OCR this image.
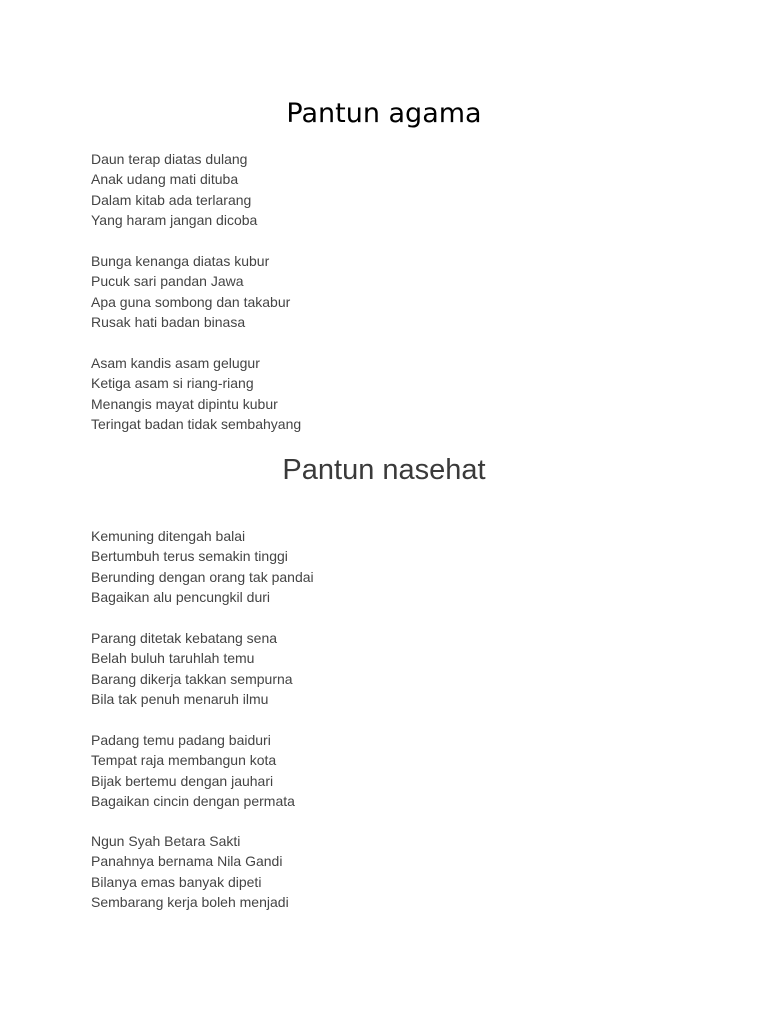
Pantun agama
Daun terap diatas dulang
Anak udang mati dituba
Dalam kitab ada terlarang
Yang haram jangan dicoba
Bunga kenanga diatas kubur
Pucuk sari pandan Jawa
Apa guna sombong dan takabur
Rusak hati badan binasa
Asam kandis asam gelugur
Ketiga asam si riang-riang
Menangis mayat dipintu kubur
Teringat badan tidak sembahyang
Pantun nasehat
Kemuning ditengah balai
Bertumbuh terus semakin tinggi
Berunding dengan orang tak pandai
Bagaikan alu pencungkil duri
Parang ditetak kebatang sena
Belah buluh taruhlah temu
Barang dikerja takkan sempurna
Bila tak penuh menaruh ilmu
Padang temu padang baiduri
Tempat raja membangun kota
Bijak bertemu dengan jauhari
Bagaikan cincin dengan permata
Ngun Syah Betara Sakti
Panahnya bernama Nila Gandi
Bilanya emas banyak dipeti
Sembarang kerja boleh menjadi
